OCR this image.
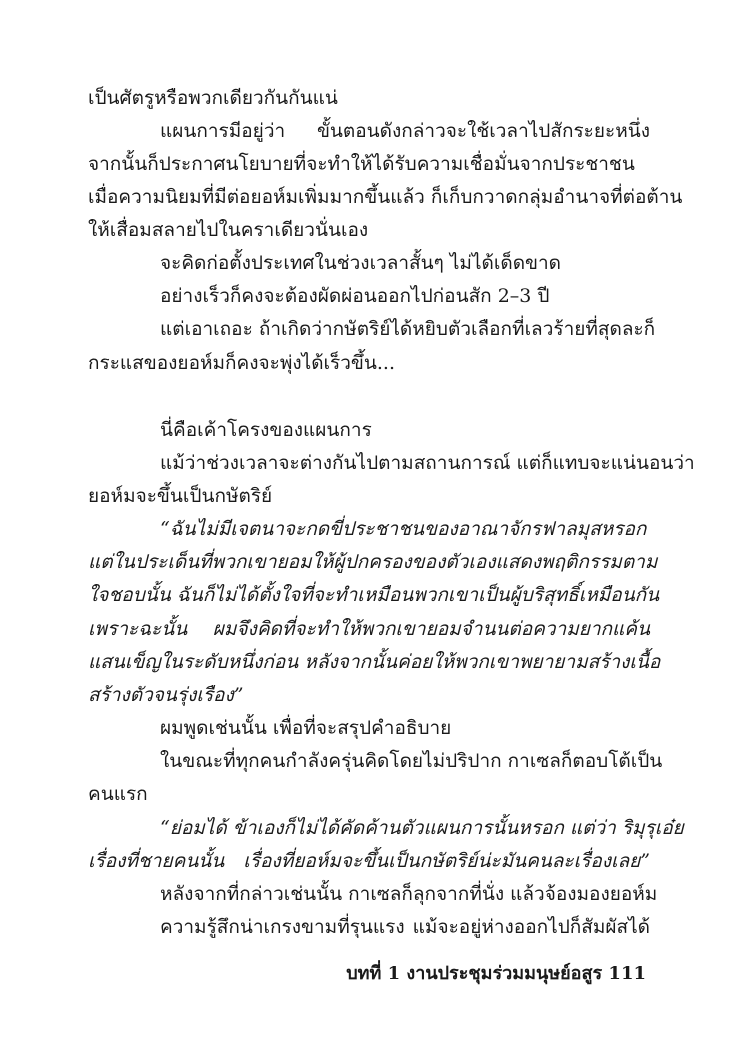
เป็นศัตรูหรือพวกเดียวกันกันแน่
แผนการมีอยู่ว่า ขั้นตอนดังกล่าวจะใช้เวลาไปสักระยะหนึ่ง
จากนั้นก็ประกาศนโยบายที่จะทำให้ได้รับความเชื่อมั่นจากประชาชน
เมื่อความนิยมที่มีต่อยอห์มเพิ่มมากขึ้นแล้ว ก็เก็บกวาดกลุ่มอำนาจที่ต่อต้าน
ให้เสื่อมสลายไปในคราเดียวนั่นเอง
จะคิดก่อตั้งประเทศในช่วงเวลาสั้นๆ ไม่ได้เด็ดขาด
อย่างเร็วก็คงจะต้องผัดผ่อนออกไปก่อนสัก 2–3 ปี
แต่เอาเถอะ ถ้าเกิดว่ากษัตริย์ได้หยิบตัวเลือกที่เลวร้ายที่สุดละก็
กระแสของยอห์มก็คงจะพุ่งได้เร็วขึ้น...
นี่คือเค้าโครงของแผนการ
แม้ว่าช่วงเวลาจะต่างกันไปตามสถานการณ์ แต่ก็แทบจะแน่นอนว่า
ยอห์มจะขึ้นเป็นกษัตริย์
“ฉันไม่มีเจตนาจะกดขี่ประชาชนของอาณาจักรฟาลมุสหรอก
แต่ในประเด็นที่พวกเขายอมให้ผู้ปกครองของตัวเองแสดงพฤติกรรมตาม
ใจชอบนั้น ฉันก็ไม่ได้ตั้งใจที่จะทำเหมือนพวกเขาเป็นผู้บริสุทธิ์เหมือนกัน
เพราะฉะนั้น ผมจึงคิดที่จะทำให้พวกเขายอมจำนนต่อความยากแค้น
แสนเข็ญในระดับหนึ่งก่อน หลังจากนั้นค่อยให้พวกเขาพยายามสร้างเนื้อ
สร้างตัวจนรุ่งเรือง”
ผมพูดเช่นนั้น เพื่อที่จะสรุปคำอธิบาย
ในขณะที่ทุกคนกำลังครุ่นคิดโดยไม่ปริปาก กาเซลก็ตอบโต้เป็น
คนแรก
“ย่อมได้ ข้าเองก็ไม่ได้คัดค้านตัวแผนการนั้นหรอก แต่ว่า ริมุรุเอ๋ย
เรื่องที่ชายคนนั้น เรื่องที่ยอห์มจะขึ้นเป็นกษัตริย์น่ะมันคนละเรื่องเลย”
หลังจากที่กล่าวเช่นนั้น กาเซลก็ลุกจากที่นั่ง แล้วจ้องมองยอห์ม
ความรู้สึกน่าเกรงขามที่รุนแรง แม้จะอยู่ห่างออกไปก็สัมผัสได้
บทที่ 1 งานประชุมร่วมมนุษย์อสูร 111
